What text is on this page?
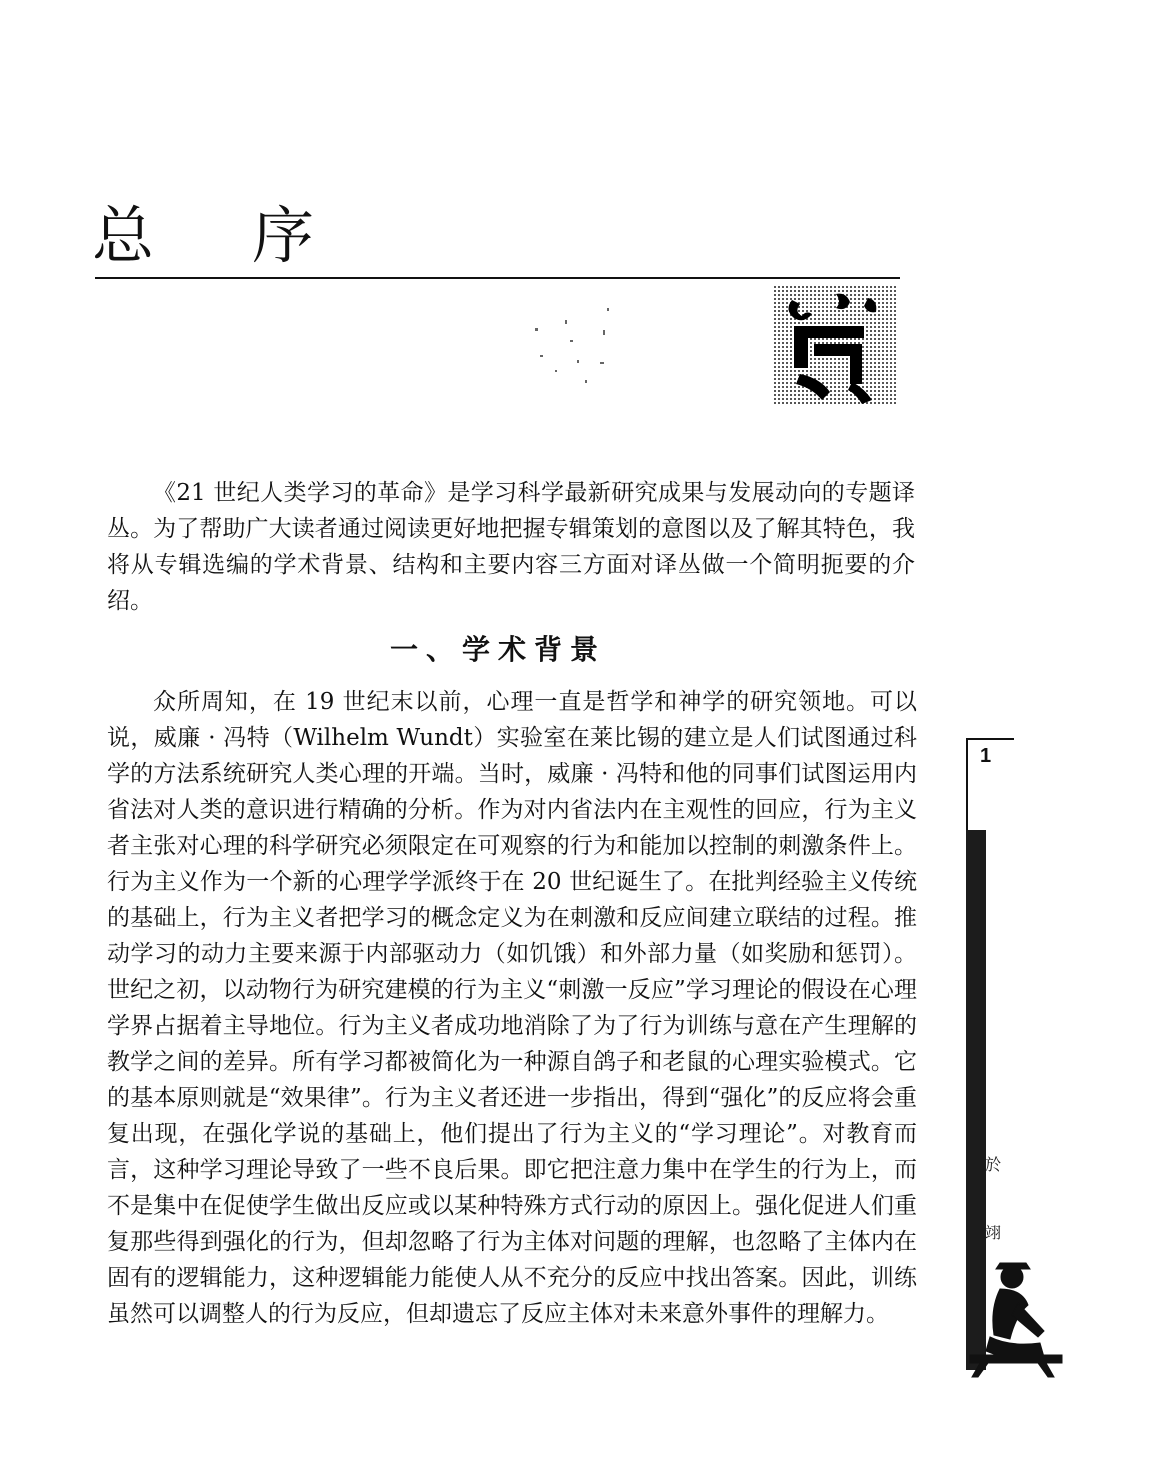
总 序

《21 世纪人类学习的革命》是学习科学最新研究成果与发展动向的专题译丛。为了帮助广大读者通过阅读更好地把握专辑策划的意图以及了解其特色，我将从专辑选编的学术背景、结构和主要内容三方面对译丛做一个简明扼要的介绍。

一、学术背景

众所周知，在 19 世纪末以前，心理一直是哲学和神学的研究领地。可以说，威廉 · 冯特（Wilhelm Wundt）实验室在莱比锡的建立是人们试图通过科学的方法系统研究人类心理的开端。当时，威廉 · 冯特和他的同事们试图运用内省法对人类的意识进行精确的分析。作为对内省法内在主观性的回应，行为主义者主张对心理的科学研究必须限定在可观察的行为和能加以控制的刺激条件上。行为主义作为一个新的心理学学派终于在 20 世纪诞生了。在批判经验主义传统的基础上，行为主义者把学习的概念定义为在刺激和反应间建立联结的过程。推动学习的动力主要来源于内部驱动力（如饥饿）和外部力量（如奖励和惩罚）。世纪之初，以动物行为研究建模的行为主义“刺激一反应”学习理论的假设在心理学界占据着主导地位。行为主义者成功地消除了为了行为训练与意在产生理解的教学之间的差异。所有学习都被简化为一种源自鸽子和老鼠的心理实验模式。它的基本原则就是“效果律”。行为主义者还进一步指出，得到“强化”的反应将会重复出现，在强化学说的基础上，他们提出了行为主义的“学习理论”。对教育而言，这种学习理论导致了一些不良后果。即它把注意力集中在学生的行为上，而不是集中在促使学生做出反应或以某种特殊方式行动的原因上。强化促进人们重复那些得到强化的行为，但却忽略了行为主体对问题的理解，也忽略了主体内在固有的逻辑能力，这种逻辑能力能使人从不充分的反应中找出答案。因此，训练虽然可以调整人的行为反应，但却遗忘了反应主体对未来意外事件的理解力。

1
於
翊
